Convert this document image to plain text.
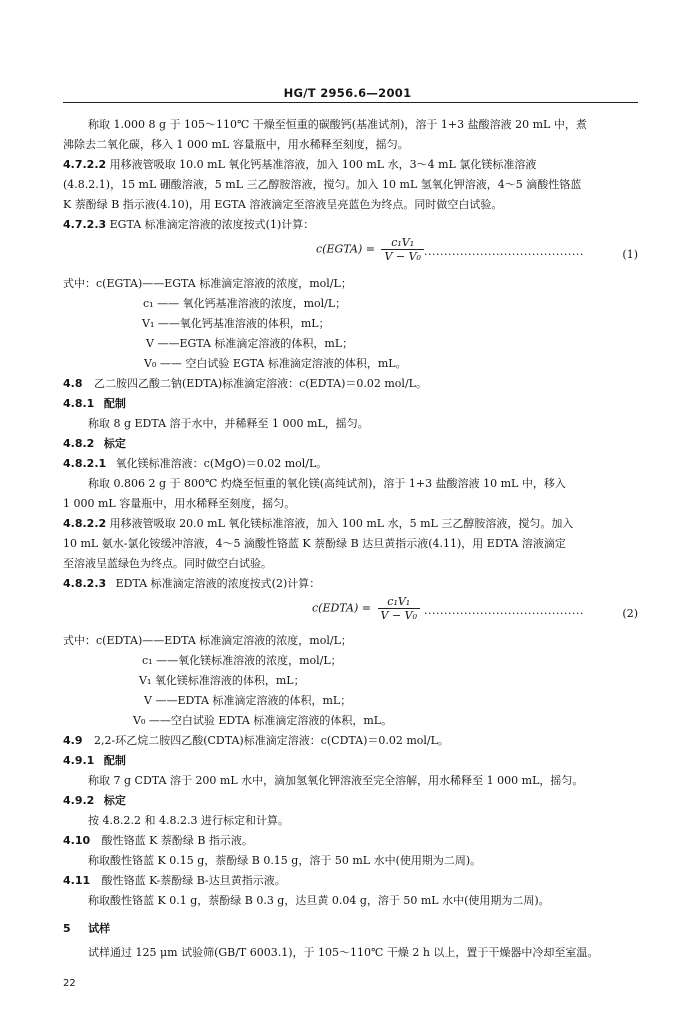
HG/T 2956.6—2001
称取 1.000 8 g 于 105～110℃ 干燥至恒重的碳酸钙(基准试剂)，溶于 1+3 盐酸溶液 20 mL 中，煮
沸除去二氧化碳，移入 1 000 mL 容量瓶中，用水稀释至刻度，摇匀。
4.7.2.2 用移液管吸取 10.0 mL 氧化钙基准溶液，加入 100 mL 水，3～4 mL 氯化镁标准溶液
(4.8.2.1)，15 mL 硼酸溶液，5 mL 三乙醇胺溶液，搅匀。加入 10 mL 氢氧化钾溶液，4～5 滴酸性铬蓝
K 萘酚绿 B 指示液(4.10)，用 EGTA 溶液滴定至溶液呈亮蓝色为终点。同时做空白试验。
4.7.2.3 EGTA 标准滴定溶液的浓度按式(1)计算：
c(EGTA) = $\frac{\text{c₁V₁}}{\text{V − V₀}}$ ········································	(1)
式中：c(EGTA)——EGTA 标准滴定溶液的浓度，mol/L；
c₁ —— 氧化钙基准溶液的浓度，mol/L；
V₁ ——氧化钙基准溶液的体积，mL；
V ——EGTA 标准滴定溶液的体积，mL；
V₀ —— 空白试验 EGTA 标准滴定溶液的体积，mL。
4.8 乙二胺四乙酸二钠(EDTA)标准滴定溶液：c(EDTA)＝0.02 mol/L。
4.8.1 配制
称取 8 g EDTA 溶于水中，并稀释至 1 000 mL，摇匀。
4.8.2 标定
4.8.2.1 氧化镁标准溶液：c(MgO)＝0.02 mol/L。
称取 0.806 2 g 于 800℃ 灼烧至恒重的氧化镁(高纯试剂)，溶于 1+3 盐酸溶液 10 mL 中，移入
1 000 mL 容量瓶中，用水稀释至刻度，摇匀。
4.8.2.2 用移液管吸取 20.0 mL 氧化镁标准溶液，加入 100 mL 水，5 mL 三乙醇胺溶液，搅匀。加入
10 mL 氨水-氯化铵缓冲溶液，4～5 滴酸性铬蓝 K 萘酚绿 B 达旦黄指示液(4.11)，用 EDTA 溶液滴定
至溶液呈蓝绿色为终点。同时做空白试验。
4.8.2.3 EDTA 标准滴定溶液的浓度按式(2)计算：
c(EDTA) = $\frac{\text{c₁V₁}}{\text{V − V₀}}$ ········································	(2)
式中：c(EDTA)——EDTA 标准滴定溶液的浓度，mol/L；
c₁ ——氧化镁标准溶液的浓度，mol/L；
V₁ 氧化镁标准溶液的体积，mL；
V ——EDTA 标准滴定溶液的体积，mL；
V₀ ——空白试验 EDTA 标准滴定溶液的体积，mL。
4.9 2,2-环乙烷二胺四乙酸(CDTA)标准滴定溶液：c(CDTA)＝0.02 mol/L。
4.9.1 配制
称取 7 g CDTA 溶于 200 mL 水中，滴加氢氧化钾溶液至完全溶解，用水稀释至 1 000 mL，摇匀。
4.9.2 标定
按 4.8.2.2 和 4.8.2.3 进行标定和计算。
4.10 酸性铬蓝 K 萘酚绿 B 指示液。
称取酸性铬蓝 K 0.15 g，萘酚绿 B 0.15 g，溶于 50 mL 水中(使用期为二周)。
4.11 酸性铬蓝 K-萘酚绿 B-达旦黄指示液。
称取酸性铬蓝 K 0.1 g，萘酚绿 B 0.3 g，达旦黄 0.04 g，溶于 50 mL 水中(使用期为二周)。
5 试样
试样通过 125 μm 试验筛(GB/T 6003.1)，于 105～110℃ 干燥 2 h 以上，置于干燥器中冷却至室温。
22
